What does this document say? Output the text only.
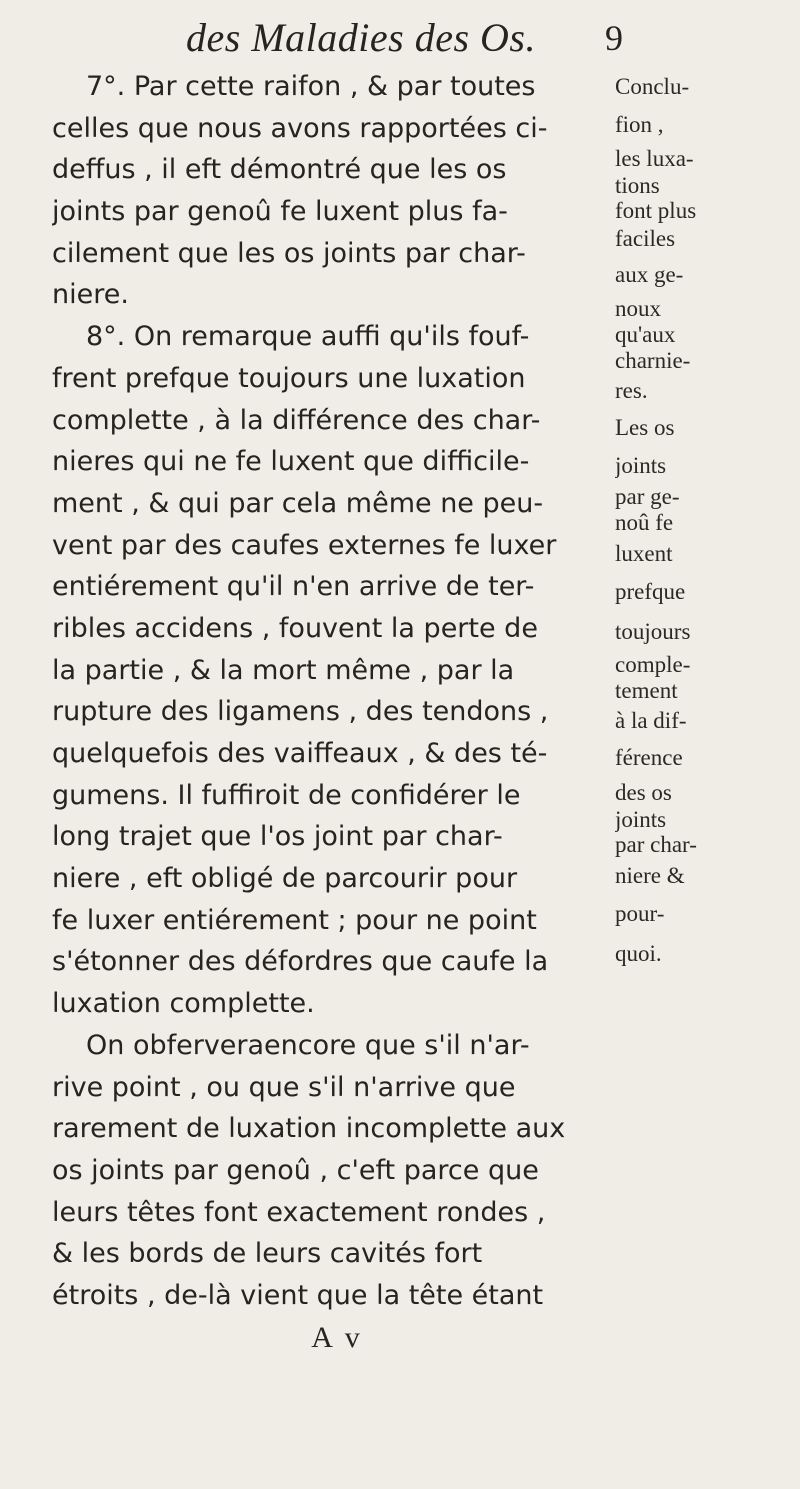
des Maladies des Os. 9
7°. Par cette raifon , & par toutes
celles que nous avons rapportées ci-
deffus , il eft démontré que les os
joints par genoû fe luxent plus fa-
cilement que les os joints par char-
niere.
8°. On remarque auffi qu'ils fouf-
frent prefque toujours une luxation
complette , à la différence des char-
nieres qui ne fe luxent que difficile-
ment , & qui par cela même ne peu-
vent par des caufes externes fe luxer
entiérement qu'il n'en arrive de ter-
ribles accidens , fouvent la perte de
la partie , & la mort même , par la
rupture des ligamens , des tendons ,
quelquefois des vaiffeaux , & des té-
gumens. Il fuffiroit de confidérer le
long trajet que l'os joint par char-
niere , eft obligé de parcourir pour
fe luxer entiérement ; pour ne point
s'étonner des défordres que caufe la
luxation complette.
On obferveraencore que s'il n'ar-
rive point , ou que s'il n'arrive que
rarement de luxation incomplette aux
os joints par genoû , c'eft parce que
leurs têtes font exactement rondes ,
& les bords de leurs cavités fort
étroits , de-là vient que la tête étant
A v
Conclu-
fion ,
les luxa-
tions
font plus
faciles
aux ge-
noux
qu'aux
charnie-
res.
Les os
joints
par ge-
noû fe
luxent
prefque
toujours
comple-
tement
à la dif-
férence
des os
joints
par char-
niere &
pour-
quoi.
